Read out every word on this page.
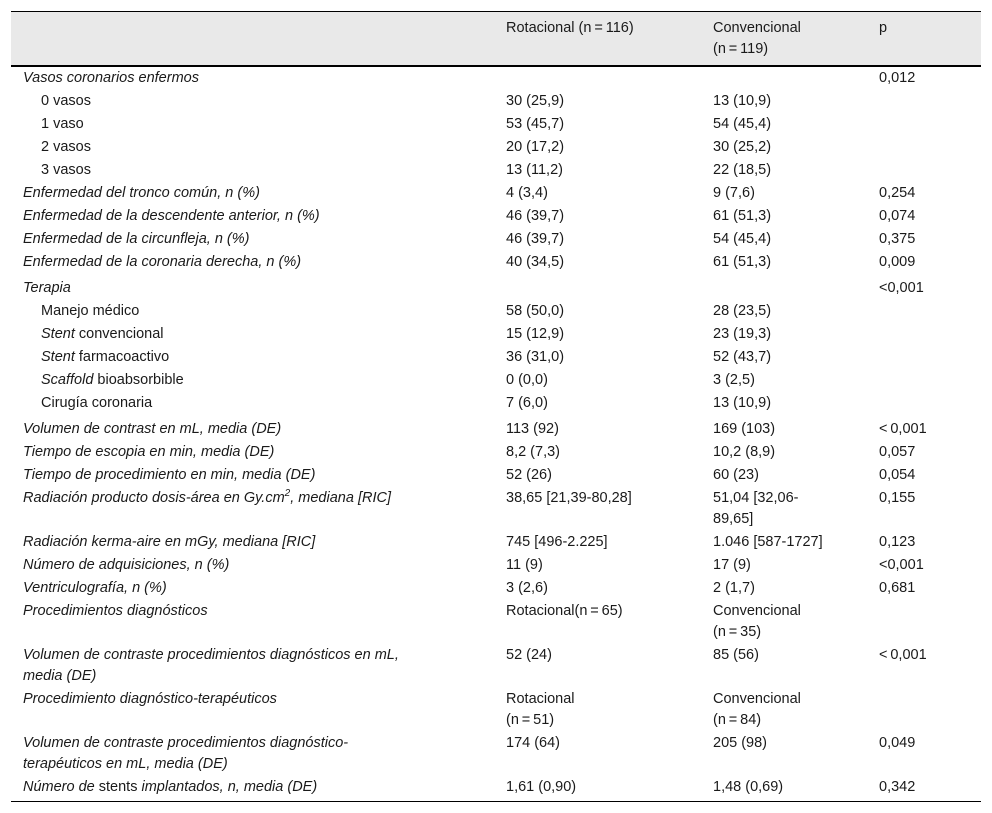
	Rotacional (n = 116)	Convencional
(n = 119)	p
Vasos coronarios enfermos			0,012
0 vasos	30 (25,9)	13 (10,9)	
1 vaso	53 (45,7)	54 (45,4)	
2 vasos	20 (17,2)	30 (25,2)	
3 vasos	13 (11,2)	22 (18,5)	
Enfermedad del tronco común, n (%)	4 (3,4)	9 (7,6)	0,254
Enfermedad de la descendente anterior, n (%)	46 (39,7)	61 (51,3)	0,074
Enfermedad de la circunfleja, n (%)	46 (39,7)	54 (45,4)	0,375
Enfermedad de la coronaria derecha, n (%)	40 (34,5)	61 (51,3)	0,009
Terapia			<0,001
Manejo médico	58 (50,0)	28 (23,5)	
Stent convencional	15 (12,9)	23 (19,3)	
Stent farmacoactivo	36 (31,0)	52 (43,7)	
Scaffold bioabsorbible	0 (0,0)	3 (2,5)	
Cirugía coronaria	7 (6,0)	13 (10,9)	
Volumen de contrast en mL, media (DE)	113 (92)	169 (103)	< 0,001
Tiempo de escopia en min, media (DE)	8,2 (7,3)	10,2 (8,9)	0,057
Tiempo de procedimiento en min, media (DE)	52 (26)	60 (23)	0,054
Radiación producto dosis-área en $Gy.cm^2$, mediana [RIC]	38,65 [21,39-80,28]	51,04 [32,06-
89,65]	0,155
Radiación kerma-aire en mGy, mediana [RIC]	745 [496-2.225]	1.046 [587-1727]	0,123
Número de adquisiciones, n (%)	11 (9)	17 (9)	<0,001
Ventriculografía, n (%)	3 (2,6)	2 (1,7)	0,681
Procedimientos diagnósticos	Rotacional(n = 65)	Convencional
(n = 35)	
Volumen de contraste procedimientos diagnósticos en mL,
media (DE)	52 (24)	85 (56)	< 0,001
Procedimiento diagnóstico-terapéuticos	Rotacional
(n = 51)	Convencional
(n = 84)	
Volumen de contraste procedimientos diagnóstico-
terapéuticos en mL, media (DE)	174 (64)	205 (98)	0,049
Número de stents implantados, n, media (DE)	1,61 (0,90)	1,48 (0,69)	0,342
